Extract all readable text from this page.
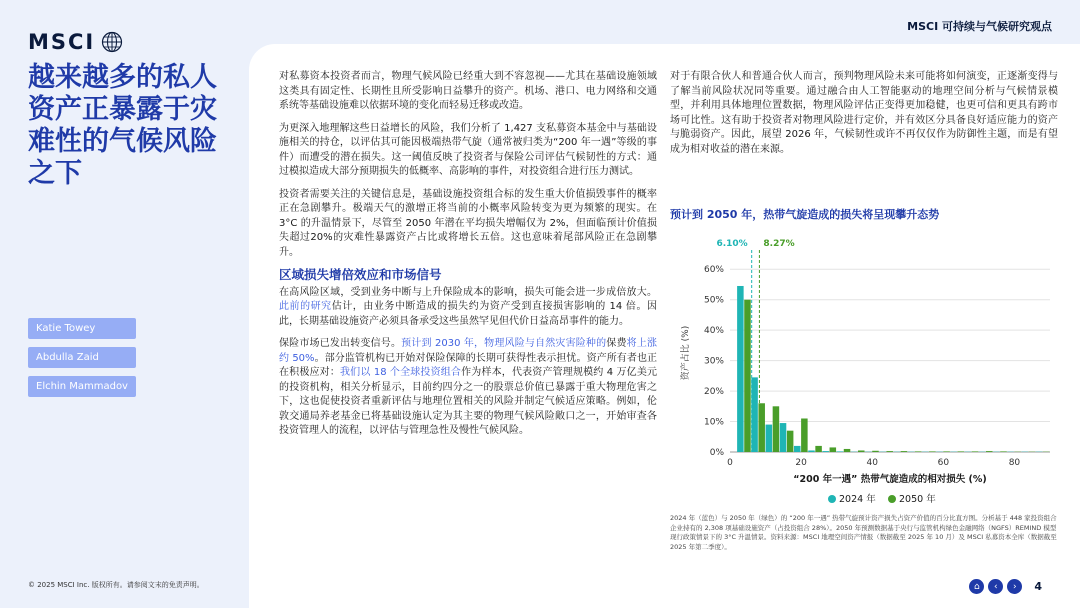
MSCI
MSCI 可持续与气候研究观点
越来越多的私人资产正暴露于灾难性的气候风险之下
Katie Towey
Abdulla Zaid
Elchin Mammadov
© 2025 MSCI Inc. 版权所有。请参阅文末的免责声明。

对私募资本投资者而言，物理气候风险已经重大到不容忽视——尤其在基础设施领域这类具有固定性、长期性且所受影响日益攀升的资产。机场、港口、电力网络和交通系统等基础设施难以依据环境的变化而轻易迁移或改造。

为更深入地理解这些日益增长的风险，我们分析了 1,427 支私募资本基金中与基础设施相关的持仓，以评估其可能因极端热带气旋（通常被归类为“200 年一遇”等级的事件）而遭受的潜在损失。这一阈值反映了投资者与保险公司评估气候韧性的方式：通过模拟造成大部分预期损失的低概率、高影响的事件，对投资组合进行压力测试。

投资者需要关注的关键信息是，基础设施投资组合标的发生重大价值损毁事件的概率正在急剧攀升。极端天气的激增正将当前的小概率风险转变为更为频繁的现实。在 3°C 的升温情景下，尽管至 2050 年潜在平均损失增幅仅为 2%，但面临预计价值损失超过20%的灾难性暴露资产占比或将增长五倍。这也意味着尾部风险正在急剧攀升。

区域损失增倍效应和市场信号

在高风险区域，受到业务中断与上升保险成本的影响，损失可能会进一步成倍放大。此前的研究估计，由业务中断造成的损失约为资产受到直接损害影响的 14 倍。因此，长期基础设施资产必须具备承受这些虽然罕见但代价日益高昂事件的能力。

保险市场已发出转变信号。预计到 2030 年，物理风险与自然灾害险种的保费将上涨约 50%。部分监管机构已开始对保险保障的长期可获得性表示担忧。资产所有者也正在积极应对：我们以 18 个全球投资组合作为样本，代表资产管理规模约 4 万亿美元的投资机构，相关分析显示，目前约四分之一的股票总价值已暴露于重大物理危害之下，这也促使投资者重新评估与地理位置相关的风险并制定气候适应策略。例如，伦敦交通局养老基金已将基础设施认定为其主要的物理气候风险敞口之一，开始审查各投资管理人的流程，以评估与管理急性及慢性气候风险。

对于有限合伙人和普通合伙人而言，预判物理风险未来可能将如何演变，正逐渐变得与了解当前风险状况同等重要。通过融合由人工智能驱动的地理空间分析与气候情景模型，并利用具体地理位置数据，物理风险评估正变得更加稳健，也更可信和更具有跨市场可比性。这有助于投资者对物理风险进行定价，并有效区分具备良好适应能力的资产与脆弱资产。因此，展望 2026 年，气候韧性或许不再仅仅作为防御性主题，而是有望成为相对收益的潜在来源。

预计到 2050 年，热带气旋造成的损失将呈现攀升态势
0%
10%
20%
30%
40%
50%
60%
0	20	40	60	80
6.10% 8.27%
资产占比 (%)
“200 年一遇” 热带气旋造成的相对损失 (%)
2024 年 2050 年
2024 年（蓝色）与 2050 年（绿色）的 “200 年一遇” 热带气旋预计资产损失占资产价值的百分比直方图。分析基于 448 家投资组合企业持有的 2,308 项基础设施资产（占投资组合 28%）。2050 年预测数据基于央行与监管机构绿色金融网络（NGFS）REMIND 模型现行政策情景下的 3°C 升温情景。资料来源：MSCI 地理空间资产情报（数据截至 2025 年 10 月）及 MSCI 私募资本全库（数据截至 2025 年第二季度）。
⌂	‹	›	4
